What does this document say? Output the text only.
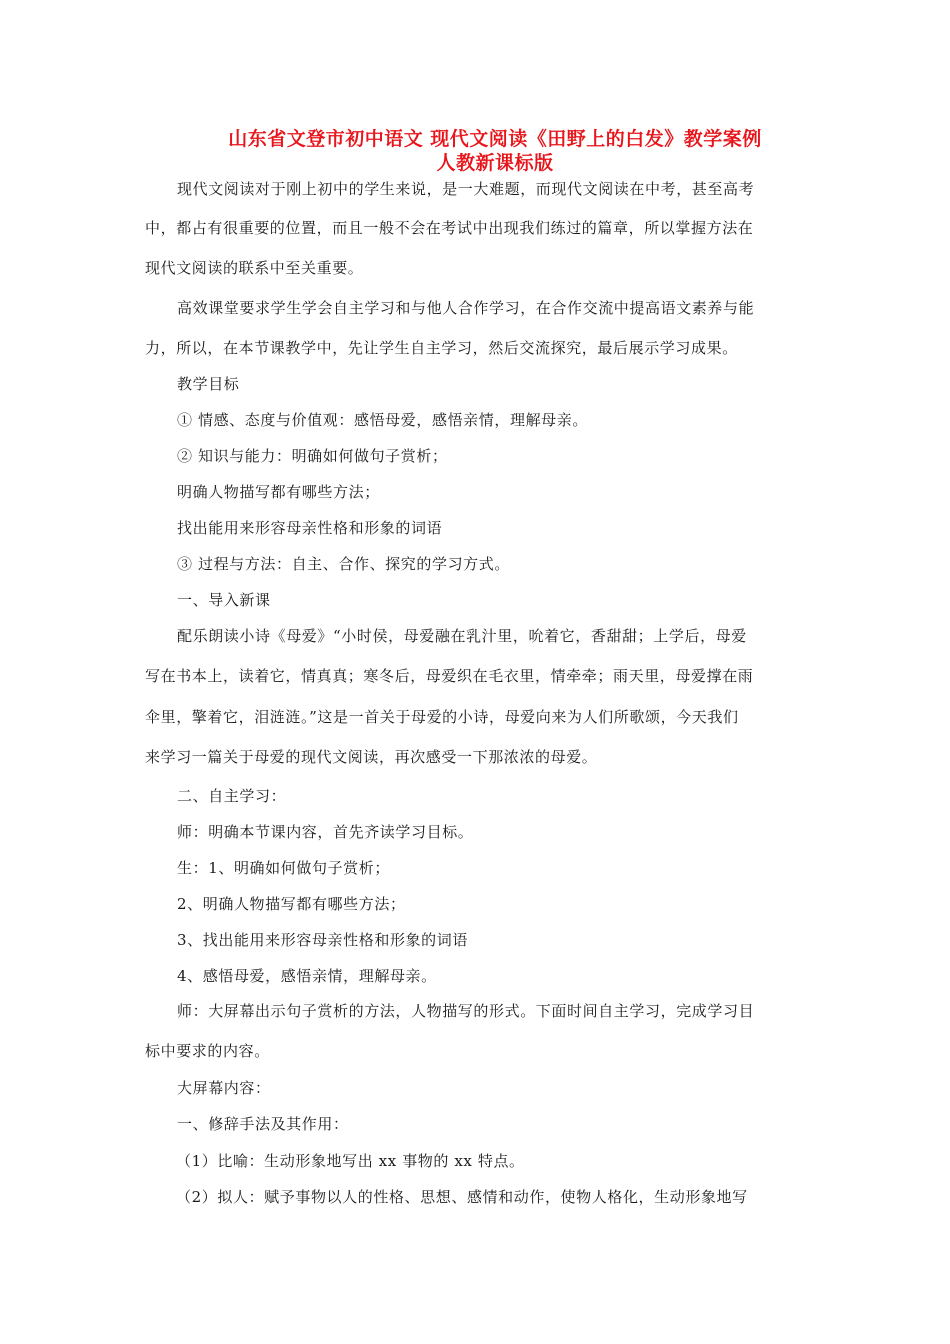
山东省文登市初中语文 现代文阅读《田野上的白发》教学案例
人教新课标版

现代文阅读对于刚上初中的学生来说，是一大难题，而现代文阅读在中考，甚至高考

中，都占有很重要的位置，而且一般不会在考试中出现我们练过的篇章，所以掌握方法在

现代文阅读的联系中至关重要。

高效课堂要求学生学会自主学习和与他人合作学习，在合作交流中提高语文素养与能

力，所以，在本节课教学中，先让学生自主学习，然后交流探究，最后展示学习成果。

教学目标

① 情感、态度与价值观：感悟母爱，感悟亲情，理解母亲。

② 知识与能力：明确如何做句子赏析；

明确人物描写都有哪些方法；

找出能用来形容母亲性格和形象的词语

③ 过程与方法：自主、合作、探究的学习方式。

一、导入新课

配乐朗读小诗《母爱》“小时侯，母爱融在乳汁里，吮着它，香甜甜；上学后，母爱

写在书本上，读着它，情真真；寒冬后，母爱织在毛衣里，情牵牵；雨天里，母爱撑在雨

伞里，擎着它，泪涟涟。”这是一首关于母爱的小诗，母爱向来为人们所歌颂，今天我们

来学习一篇关于母爱的现代文阅读，再次感受一下那浓浓的母爱。

二、自主学习：

师：明确本节课内容，首先齐读学习目标。

生：1、明确如何做句子赏析；

2、明确人物描写都有哪些方法；

3、找出能用来形容母亲性格和形象的词语

4、感悟母爱，感悟亲情，理解母亲。

师：大屏幕出示句子赏析的方法，人物描写的形式。下面时间自主学习，完成学习目

标中要求的内容。

大屏幕内容：

一、修辞手法及其作用：

（1）比喻：生动形象地写出 xx 事物的 xx 特点。

（2）拟人：赋予事物以人的性格、思想、感情和动作，使物人格化，生动形象地写
